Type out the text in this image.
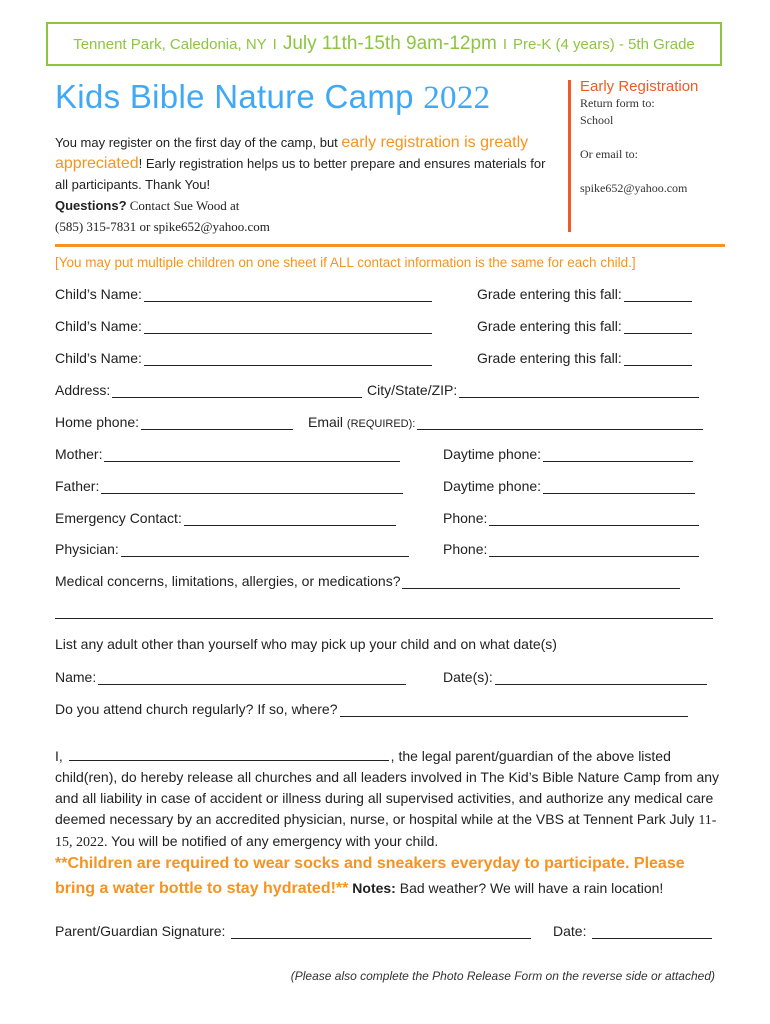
Tennent Park, Caledonia, NY I July 11th-15th 9am-12pm I Pre-K (4 years) - 5th Grade
Kids Bible Nature Camp 2022
You may register on the first day of the camp, but early registration is greatly appreciated! Early registration helps us to better prepare and ensures materials for all participants. Thank You!
Questions? Contact Sue Wood at
(585) 315-7831 or spike652@yahoo.com
Early Registration
Return form to:
School
Or email to:
spike652@yahoo.com
[You may put multiple children on one sheet if ALL contact information is the same for each child.]
Child’s Name:	Grade entering this fall:
Child’s Name:	Grade entering this fall:
Child’s Name:	Grade entering this fall:
Address:	City/State/ZIP:
Home phone:	Email
(REQUIRED):
Mother:	Daytime phone:
Father:	Daytime phone:
Emergency Contact:	Phone:
Physician:	Phone:
Medical concerns, limitations, allergies, or medications?
List any adult other than yourself who may pick up your child and on what date(s)
Name:	Date(s):
Do you attend church regularly? If so, where?
I,	, the legal parent/guardian of the above listed child(ren), do hereby release all churches and all leaders involved in The Kid’s Bible Nature Camp from any and all liability in case of accident or illness during all supervised activities, and authorize any medical care deemed necessary by an accredited physician, nurse, or hospital while at the VBS at Tennent Park July 11-15, 2022. You will be notified of any emergency with your child.
**Children are required to wear socks and sneakers everyday to participate. Please bring a water bottle to stay hydrated!** Notes: Bad weather? We will have a rain location!
Parent/Guardian Signature:	Date:
(Please also complete the Photo Release Form on the reverse side or attached)
